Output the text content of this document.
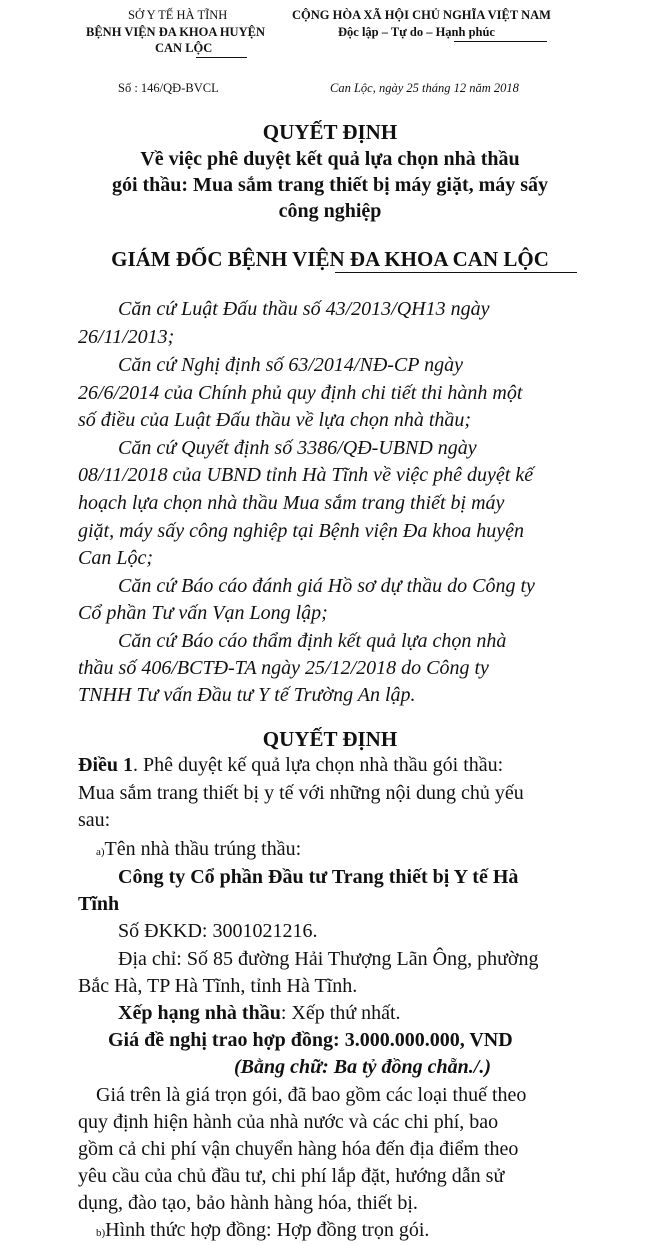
SỞ Y TẾ HÀ TĨNH
BỆNH VIỆN ĐA KHOA HUYỆN
CAN LỘC
Số : 146/QĐ-BVCL
CỘNG HÒA XÃ HỘI CHỦ NGHĨA VIỆT NAM
Độc lập – Tự do – Hạnh phúc
Can Lộc, ngày 25 tháng 12 năm 2018
QUYẾT ĐỊNH
Về việc phê duyệt kết quả lựa chọn nhà thầu
gói thầu: Mua sắm trang thiết bị máy giặt, máy sấy
công nghiệp
GIÁM ĐỐC BỆNH VIỆN ĐA KHOA CAN LỘC
Căn cứ Luật Đấu thầu số 43/2013/QH13 ngày
26/11/2013;
Căn cứ Nghị định số 63/2014/NĐ-CP ngày
26/6/2014 của Chính phủ quy định chi tiết thi hành một
số điều của Luật Đấu thầu về lựa chọn nhà thầu;
Căn cứ Quyết định số 3386/QĐ-UBND ngày
08/11/2018 của UBND tỉnh Hà Tĩnh về việc phê duyệt kế
hoạch lựa chọn nhà thầu Mua sắm trang thiết bị máy
giặt, máy sấy công nghiệp tại Bệnh viện Đa khoa huyện
Can Lộc;
Căn cứ Báo cáo đánh giá Hồ sơ dự thầu do Công ty
Cổ phần Tư vấn Vạn Long lập;
Căn cứ Báo cáo thẩm định kết quả lựa chọn nhà
thầu số 406/BCTĐ-TA ngày 25/12/2018 do Công ty
TNHH Tư vấn Đầu tư Y tế Trường An lập.
QUYẾT ĐỊNH
Điều 1. Phê duyệt kế quả lựa chọn nhà thầu gói thầu:
Mua sắm trang thiết bị y tế với những nội dung chủ yếu
sau:
a)Tên nhà thầu trúng thầu:
Công ty Cổ phần Đầu tư Trang thiết bị Y tế Hà
Tĩnh
Số ĐKKD: 3001021216.
Địa chỉ: Số 85 đường Hải Thượng Lãn Ông, phường
Bắc Hà, TP Hà Tĩnh, tỉnh Hà Tĩnh.
Xếp hạng nhà thầu: Xếp thứ nhất.
Giá đề nghị trao hợp đồng: 3.000.000.000, VND
(Bằng chữ: Ba tỷ đồng chẵn./.)
Giá trên là giá trọn gói, đã bao gồm các loại thuế theo
quy định hiện hành của nhà nước và các chi phí, bao
gồm cả chi phí vận chuyển hàng hóa đến địa điểm theo
yêu cầu của chủ đầu tư, chi phí lắp đặt, hướng dẫn sử
dụng, đào tạo, bảo hành hàng hóa, thiết bị.
b)Hình thức hợp đồng: Hợp đồng trọn gói.
